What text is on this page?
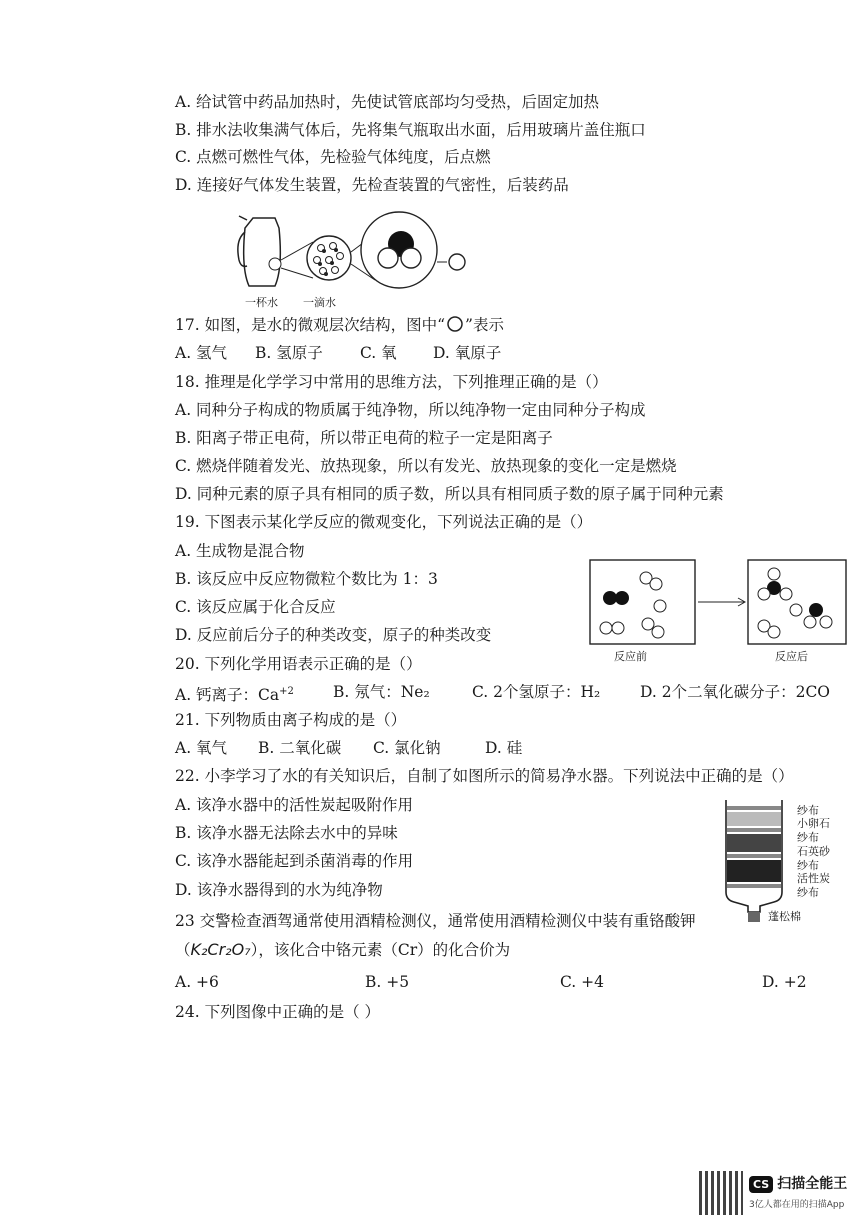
A. 给试管中药品加热时，先使试管底部均匀受热，后固定加热
B. 排水法收集满气体后，先将集气瓶取出水面，后用玻璃片盖住瓶口
C. 点燃可燃性气体，先检验气体纯度，后点燃
D. 连接好气体发生装置，先检查装置的气密性，后装药品
一杯水 一滴水
17. 如图，是水的微观层次结构，图中“ ”表示
A. 氢气 B. 氢原子 C. 氧 D. 氧原子
18. 推理是化学学习中常用的思维方法，下列推理正确的是（）
A. 同种分子构成的物质属于纯净物，所以纯净物一定由同种分子构成
B. 阳离子带正电荷，所以带正电荷的粒子一定是阳离子
C. 燃烧伴随着发光、放热现象，所以有发光、放热现象的变化一定是燃烧
D. 同种元素的原子具有相同的质子数，所以具有相同质子数的原子属于同种元素
19. 下图表示某化学反应的微观变化，下列说法正确的是（）
A. 生成物是混合物
B. 该反应中反应物微粒个数比为 1：3
C. 该反应属于化合反应
D. 反应前后分子的种类改变，原子的种类改变
反应前	反应后
20. 下列化学用语表示正确的是（）
A. 钙离子：$Ca^{+2}$	B. 氖气：Ne₂	C. 2个氢原子：H₂	D. 2个二氧化碳分子：2CO
21. 下列物质由离子构成的是（）
A. 氧气 B. 二氧化碳 C. 氯化钠	D. 硅
22. 小李学习了水的有关知识后，自制了如图所示的简易净水器。下列说法中正确的是（）
A. 该净水器中的活性炭起吸附作用
B. 该净水器无法除去水中的异味
C. 该净水器能起到杀菌消毒的作用
D. 该净水器得到的水为纯净物
纱布
小卵石
纱布
石英砂
纱布
活性炭
纱布
蓬松棉
23 交警检查酒驾通常使用酒精检测仪，通常使用酒精检测仪中装有重铬酸钾
（K₂Cr₂O₇），该化合中铬元素（Cr）的化合价为
A. +6	B. +5	C. +4	D. +2
24. 下列图像中正确的是（ ）
CS 扫描全能王
3亿人都在用的扫描App
